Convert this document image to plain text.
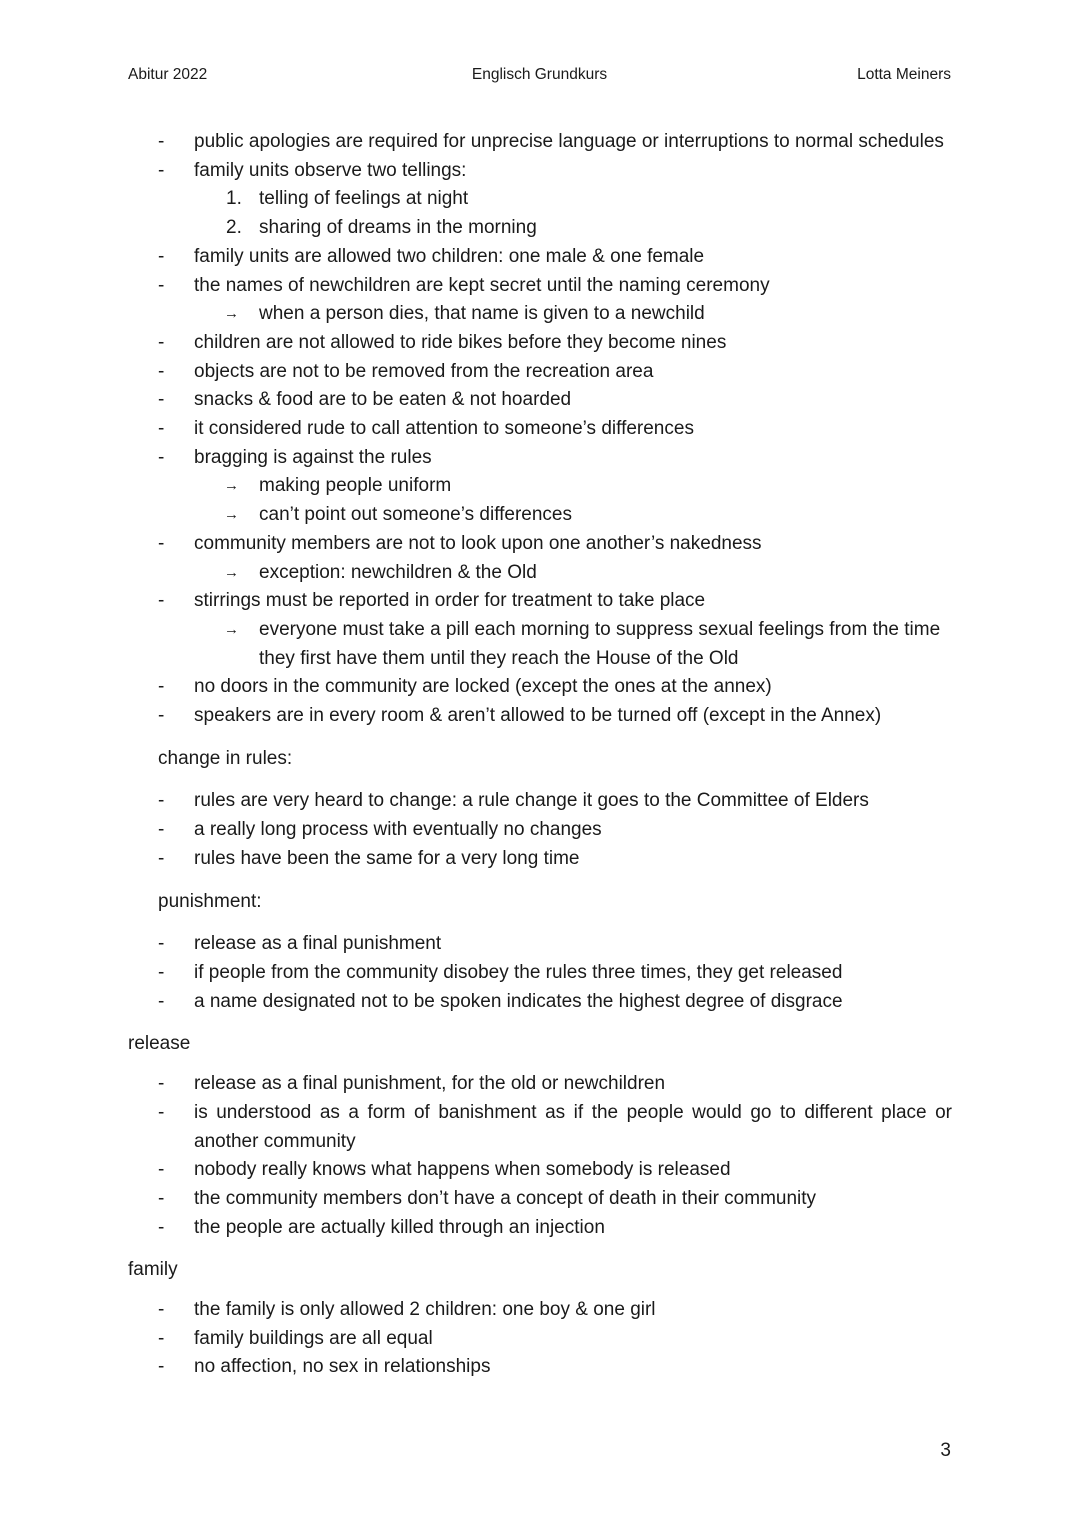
Abitur 2022	Englisch Grundkurs	Lotta Meiners
- public apologies are required for unprecise language or interruptions to normal schedules
- family units observe two tellings:
1. telling of feelings at night
2. sharing of dreams in the morning
- family units are allowed two children: one male & one female
- the names of newchildren are kept secret until the naming ceremony
→ when a person dies, that name is given to a newchild
- children are not allowed to ride bikes before they become nines
- objects are not to be removed from the recreation area
- snacks & food are to be eaten & not hoarded
- it considered rude to call attention to someone’s differences
- bragging is against the rules
→ making people uniform
→ can’t point out someone’s differences
- community members are not to look upon one another’s nakedness
→ exception: newchildren & the Old
- stirrings must be reported in order for treatment to take place
→ everyone must take a pill each morning to suppress sexual feelings from the time they first have them until they reach the House of the Old
- no doors in the community are locked (except the ones at the annex)
- speakers are in every room & aren’t allowed to be turned off (except in the Annex)
change in rules:
- rules are very heard to change: a rule change it goes to the Committee of Elders
- a really long process with eventually no changes
- rules have been the same for a very long time
punishment:
- release as a final punishment
- if people from the community disobey the rules three times, they get released
- a name designated not to be spoken indicates the highest degree of disgrace
release
- release as a final punishment, for the old or newchildren
- is understood as a form of banishment as if the people would go to different place or another community
- nobody really knows what happens when somebody is released
- the community members don’t have a concept of death in their community
- the people are actually killed through an injection
family
- the family is only allowed 2 children: one boy & one girl
- family buildings are all equal
- no affection, no sex in relationships
3
